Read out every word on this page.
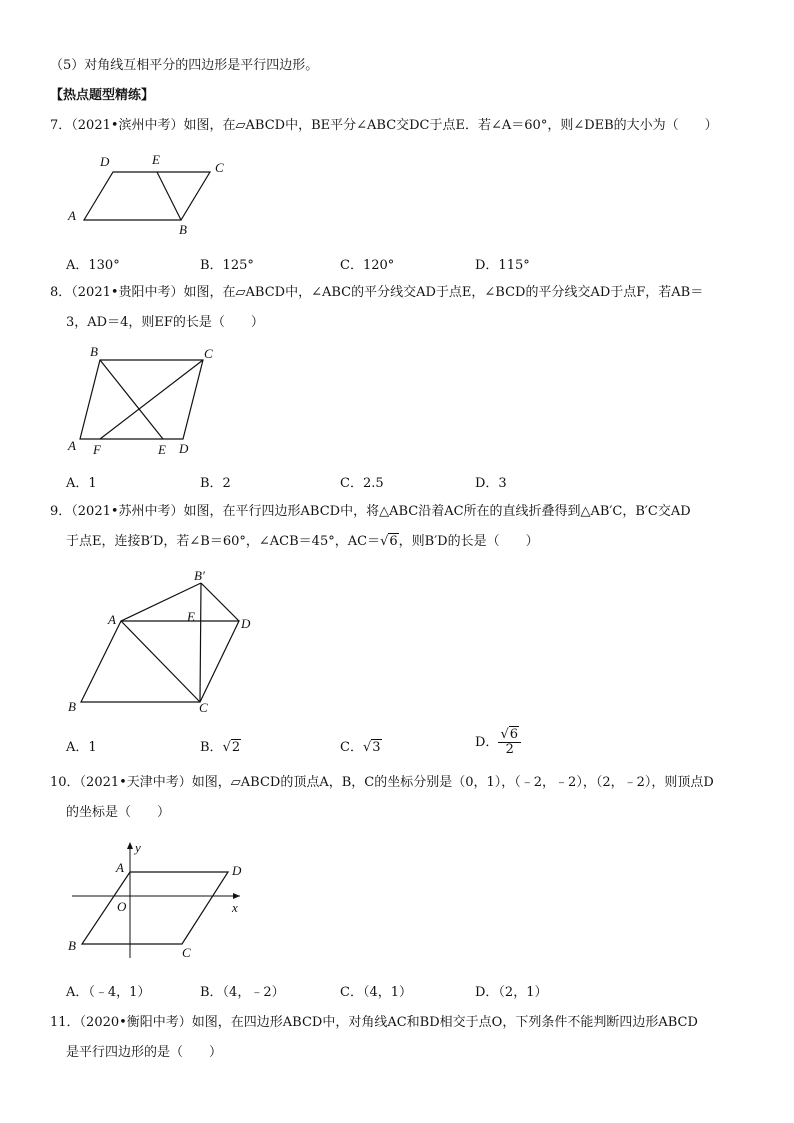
（5）对角线互相平分的四边形是平行四边形。
【热点题型精练】
7．（2021•滨州中考）如图，在▱ABCD中，BE平分∠ABC交DC于点E．若∠A＝60°，则∠DEB的大小为（　　）
D	E
C
A
B
A．130°	B．125°	C．120°	D．115°
8．（2021•贵阳中考）如图，在▱ABCD中，∠ABC的平分线交AD于点E，∠BCD的平分线交AD于点F，若AB＝
3，AD＝4，则EF的长是（　　）
B	C
A F	E D
A．1	B．2	C．2.5	D．3
9．（2021•苏州中考）如图，在平行四边形ABCD中，将△ABC沿着AC所在的直线折叠得到△AB′C，B′C交AD
于点E，连接B′D，若∠B＝60°，∠ACB＝45°，AC＝√6，则B′D的长是（　　）
B′
E
A	D
B	C
A．1	B．√2	C．√3	D． $\frac{√6}{2}$
10．（2021•天津中考）如图，▱ABCD的顶点A，B，C的坐标分别是（0，1），（﹣2，﹣2），（2，﹣2），则顶点D
的坐标是（　　）
y
A	D
O	x
B	C
A．（﹣4，1）	B．（4，﹣2）	C．（4，1）	D．（2，1）
11．（2020•衡阳中考）如图，在四边形ABCD中，对角线AC和BD相交于点O，下列条件不能判断四边形ABCD
是平行四边形的是（　　）
